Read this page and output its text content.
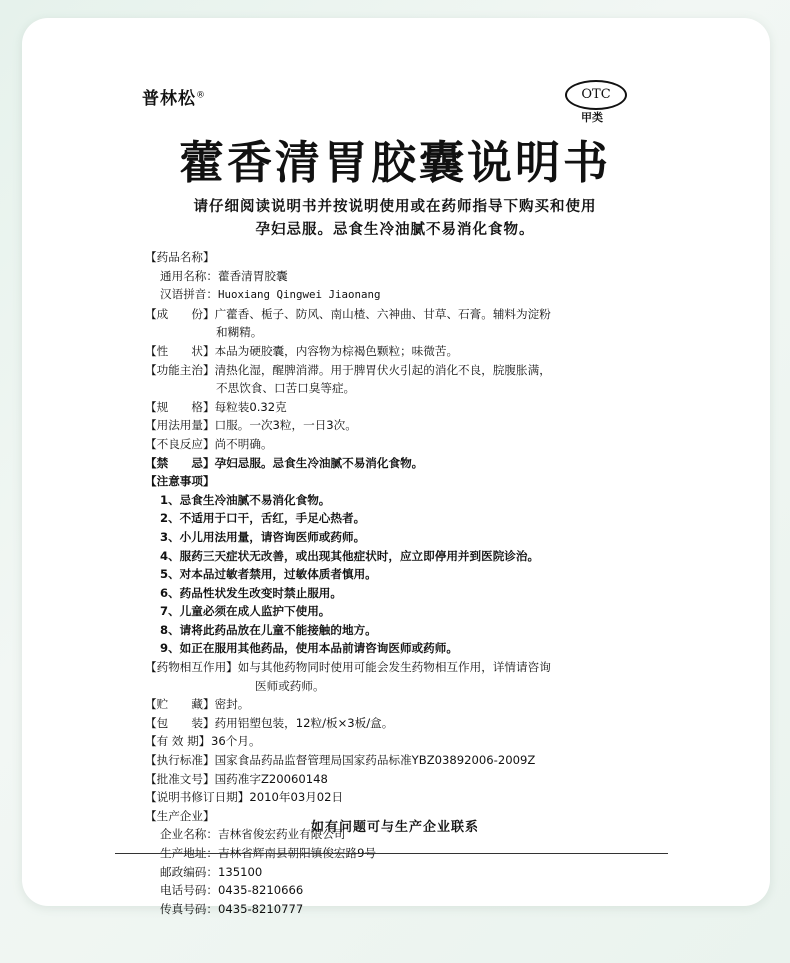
普林松®	OTC
甲类
藿香清胃胶囊说明书
请仔细阅读说明书并按说明使用或在药师指导下购买和使用
孕妇忌服。忌食生冷油腻不易消化食物。
【药品名称】
通用名称：藿香清胃胶囊
汉语拼音：Huoxiang Qingwei Jiaonang
【成　　份】广藿香、栀子、防风、南山楂、六神曲、甘草、石膏。辅料为淀粉
和糊精。
【性　　状】本品为硬胶囊，内容物为棕褐色颗粒；味微苦。
【功能主治】清热化湿，醒脾消滞。用于脾胃伏火引起的消化不良，脘腹胀满，
不思饮食、口苦口臭等症。
【规　　格】每粒装0.32克
【用法用量】口服。一次3粒，一日3次。
【不良反应】尚不明确。
【禁　　忌】孕妇忌服。忌食生冷油腻不易消化食物。
【注意事项】
1、忌食生冷油腻不易消化食物。
2、不适用于口干，舌红，手足心热者。
3、小儿用法用量，请咨询医师或药师。
4、服药三天症状无改善，或出现其他症状时，应立即停用并到医院诊治。
5、对本品过敏者禁用，过敏体质者慎用。
6、药品性状发生改变时禁止服用。
7、儿童必须在成人监护下使用。
8、请将此药品放在儿童不能接触的地方。
9、如正在服用其他药品，使用本品前请咨询医师或药师。
【药物相互作用】如与其他药物同时使用可能会发生药物相互作用，详情请咨询
医师或药师。
【贮　　藏】密封。
【包　　装】药用铝塑包装，12粒/板×3板/盒。
【有 效 期】36个月。
【执行标准】国家食品药品监督管理局国家药品标准YBZ03892006-2009Z
【批准文号】国药准字Z20060148
【说明书修订日期】2010年03月02日
【生产企业】
企业名称：吉林省俊宏药业有限公司
生产地址：吉林省辉南县朝阳镇俊宏路9号
邮政编码：135100
电话号码：0435-8210666
传真号码：0435-8210777
如有问题可与生产企业联系
